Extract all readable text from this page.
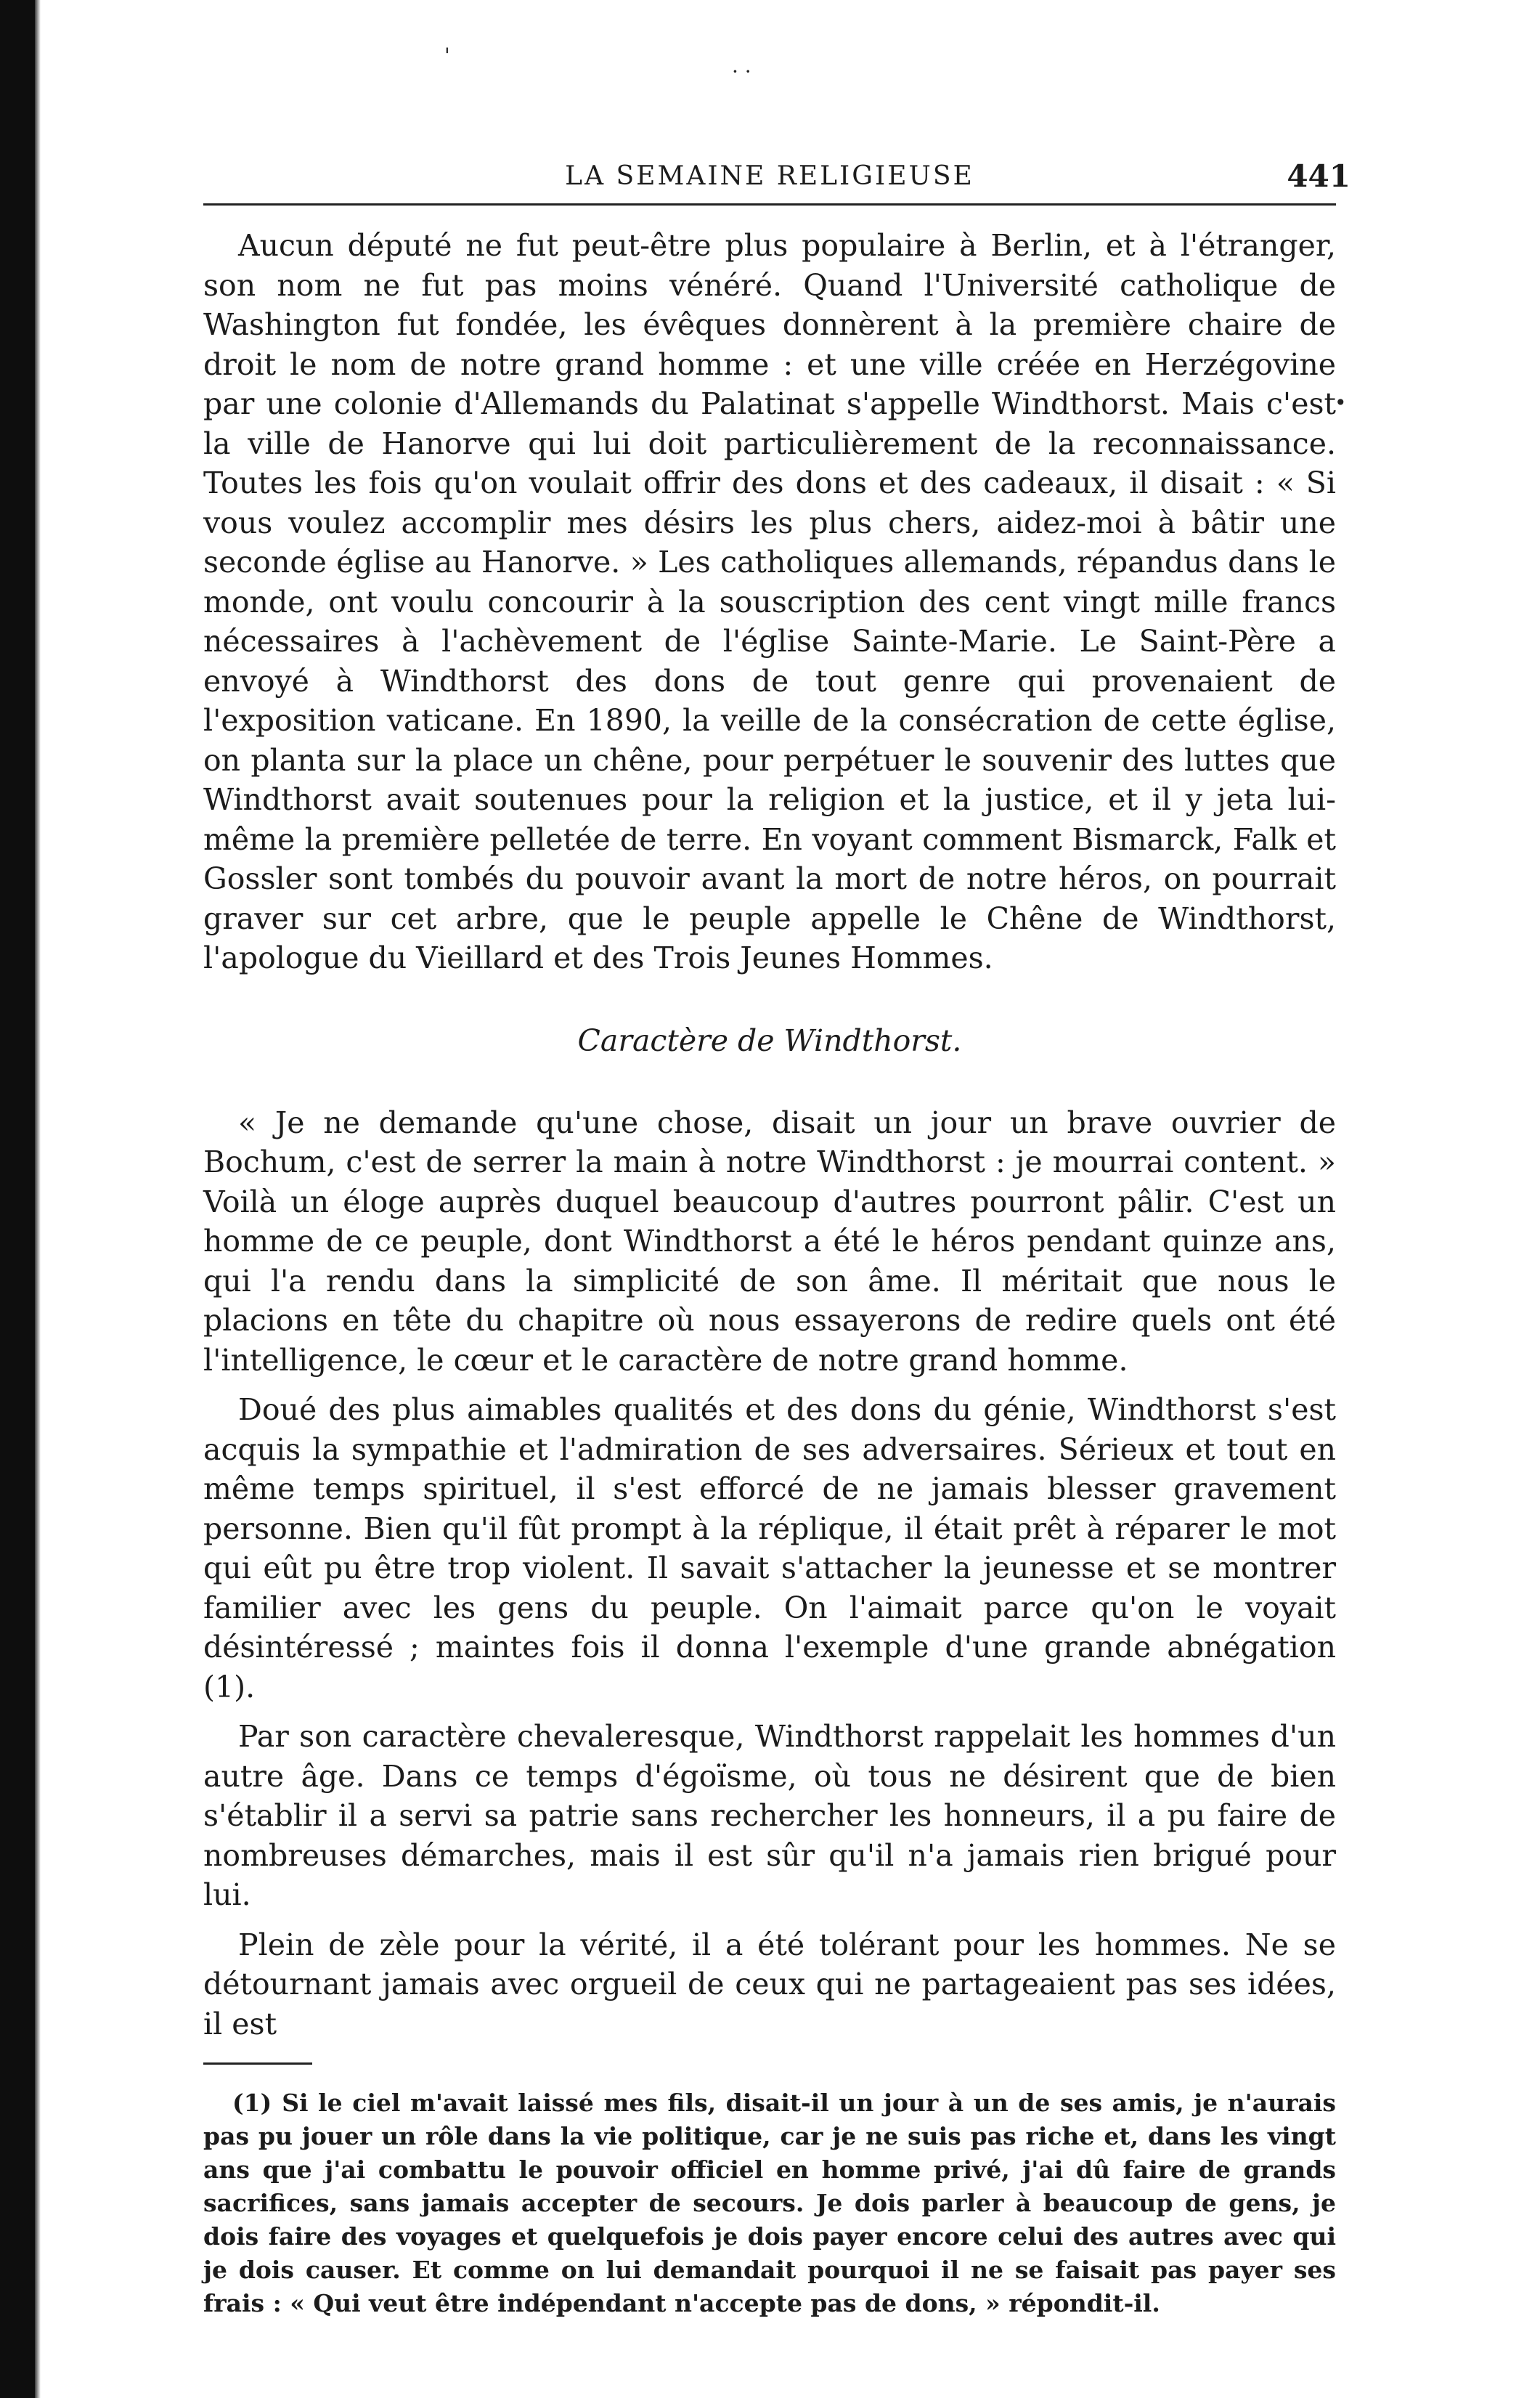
'
· ·
•
LA SEMAINE RELIGIEUSE	441

Aucun député ne fut peut-être plus populaire à Berlin, et à l'étranger, son nom ne fut pas moins vénéré. Quand l'Université catholique de Washington fut fondée, les évêques donnèrent à la première chaire de droit le nom de notre grand homme : et une ville créée en Herzégovine par une colonie d'Allemands du Palatinat s'appelle Windthorst. Mais c'est la ville de Hanorve qui lui doit particulièrement de la reconnaissance. Toutes les fois qu'on voulait offrir des dons et des cadeaux, il disait : « Si vous voulez accomplir mes désirs les plus chers, aidez-moi à bâtir une seconde église au Hanorve. » Les catholiques allemands, répandus dans le monde, ont voulu concourir à la souscription des cent vingt mille francs nécessaires à l'achèvement de l'église Sainte-Marie. Le Saint-Père a envoyé à Windthorst des dons de tout genre qui provenaient de l'exposition vaticane. En 1890, la veille de la consécration de cette église, on planta sur la place un chêne, pour perpétuer le souvenir des luttes que Windthorst avait soutenues pour la religion et la justice, et il y jeta lui-même la première pelletée de terre. En voyant comment Bismarck, Falk et Gossler sont tombés du pouvoir avant la mort de notre héros, on pourrait graver sur cet arbre, que le peuple appelle le Chêne de Windthorst, l'apologue du Vieillard et des Trois Jeunes Hommes.

Caractère de Windthorst.

« Je ne demande qu'une chose, disait un jour un brave ouvrier de Bochum, c'est de serrer la main à notre Windthorst : je mourrai content. » Voilà un éloge auprès duquel beaucoup d'autres pourront pâlir. C'est un homme de ce peuple, dont Windthorst a été le héros pendant quinze ans, qui l'a rendu dans la simplicité de son âme. Il méritait que nous le placions en tête du chapitre où nous essayerons de redire quels ont été l'intelligence, le cœur et le caractère de notre grand homme.

Doué des plus aimables qualités et des dons du génie, Windthorst s'est acquis la sympathie et l'admiration de ses adversaires. Sérieux et tout en même temps spirituel, il s'est efforcé de ne jamais blesser gravement personne. Bien qu'il fût prompt à la réplique, il était prêt à réparer le mot qui eût pu être trop violent. Il savait s'attacher la jeunesse et se montrer familier avec les gens du peuple. On l'aimait parce qu'on le voyait désintéressé ; maintes fois il donna l'exemple d'une grande abnégation (1).

Par son caractère chevaleresque, Windthorst rappelait les hommes d'un autre âge. Dans ce temps d'égoïsme, où tous ne désirent que de bien s'établir il a servi sa patrie sans rechercher les honneurs, il a pu faire de nombreuses démarches, mais il est sûr qu'il n'a jamais rien brigué pour lui.

Plein de zèle pour la vérité, il a été tolérant pour les hommes. Ne se détournant jamais avec orgueil de ceux qui ne partageaient pas ses idées, il est

(1) Si le ciel m'avait laissé mes fils, disait-il un jour à un de ses amis, je n'aurais pas pu jouer un rôle dans la vie politique, car je ne suis pas riche et, dans les vingt ans que j'ai combattu le pouvoir officiel en homme privé, j'ai dû faire de grands sacrifices, sans jamais accepter de secours. Je dois parler à beaucoup de gens, je dois faire des voyages et quelquefois je dois payer encore celui des autres avec qui je dois causer. Et comme on lui demandait pourquoi il ne se faisait pas payer ses frais : « Qui veut être indépendant n'accepte pas de dons, » répondit-il.
